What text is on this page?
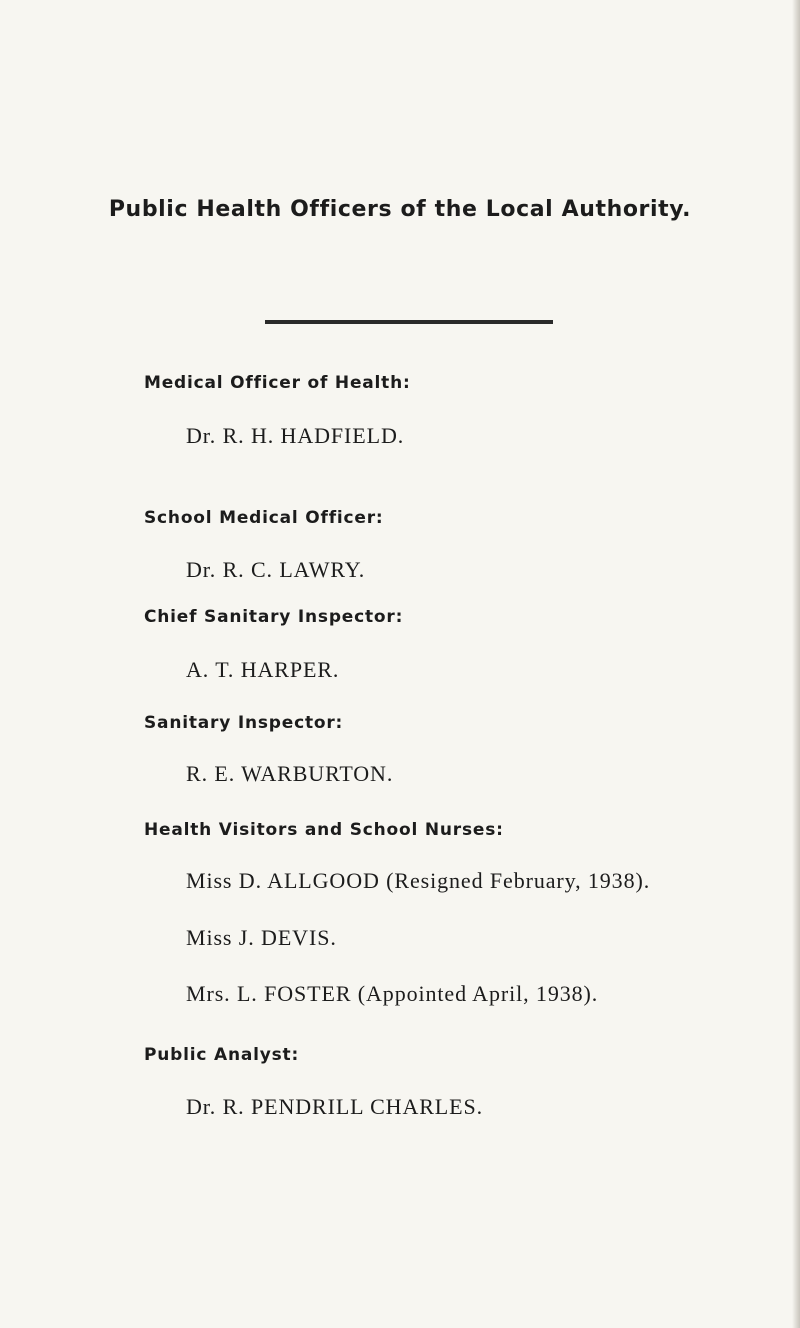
Public Health Officers of the Local Authority.
Medical Officer of Health:
Dr. R. H. HADFIELD.
School Medical Officer:
Dr. R. C. LAWRY.
Chief Sanitary Inspector:
A. T. HARPER.
Sanitary Inspector:
R. E. WARBURTON.
Health Visitors and School Nurses:
Miss D. ALLGOOD (Resigned February, 1938).
Miss J. DEVIS.
Mrs. L. FOSTER (Appointed April, 1938).
Public Analyst:
Dr. R. PENDRILL CHARLES.
